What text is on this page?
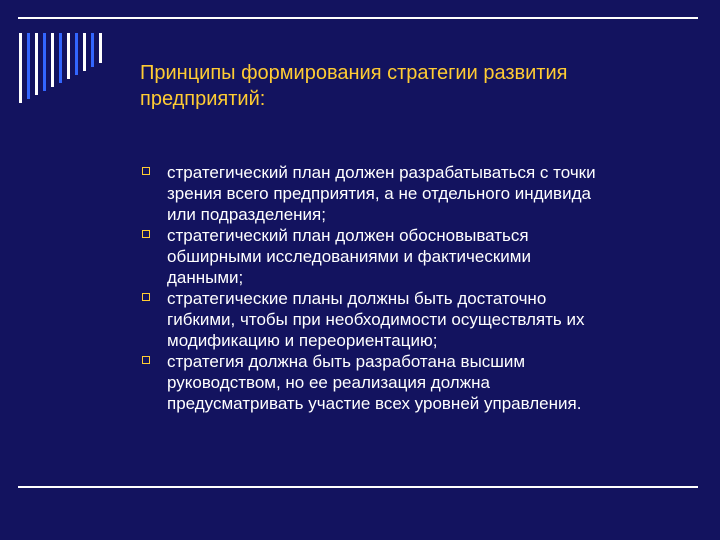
Принципы формирования стратегии развития
предприятий:
стратегический план должен разрабатываться с точки
зрения всего предприятия, а не отдельного индивида
или подразделения;
стратегический план должен обосновываться
обширными исследованиями и фактическими
данными;
стратегические планы должны быть достаточно
гибкими, чтобы при необходимости осуществлять их
модификацию и переориентацию;
стратегия должна быть разработана высшим
руководством, но ее реализация должна
предусматривать участие всех уровней управления.
